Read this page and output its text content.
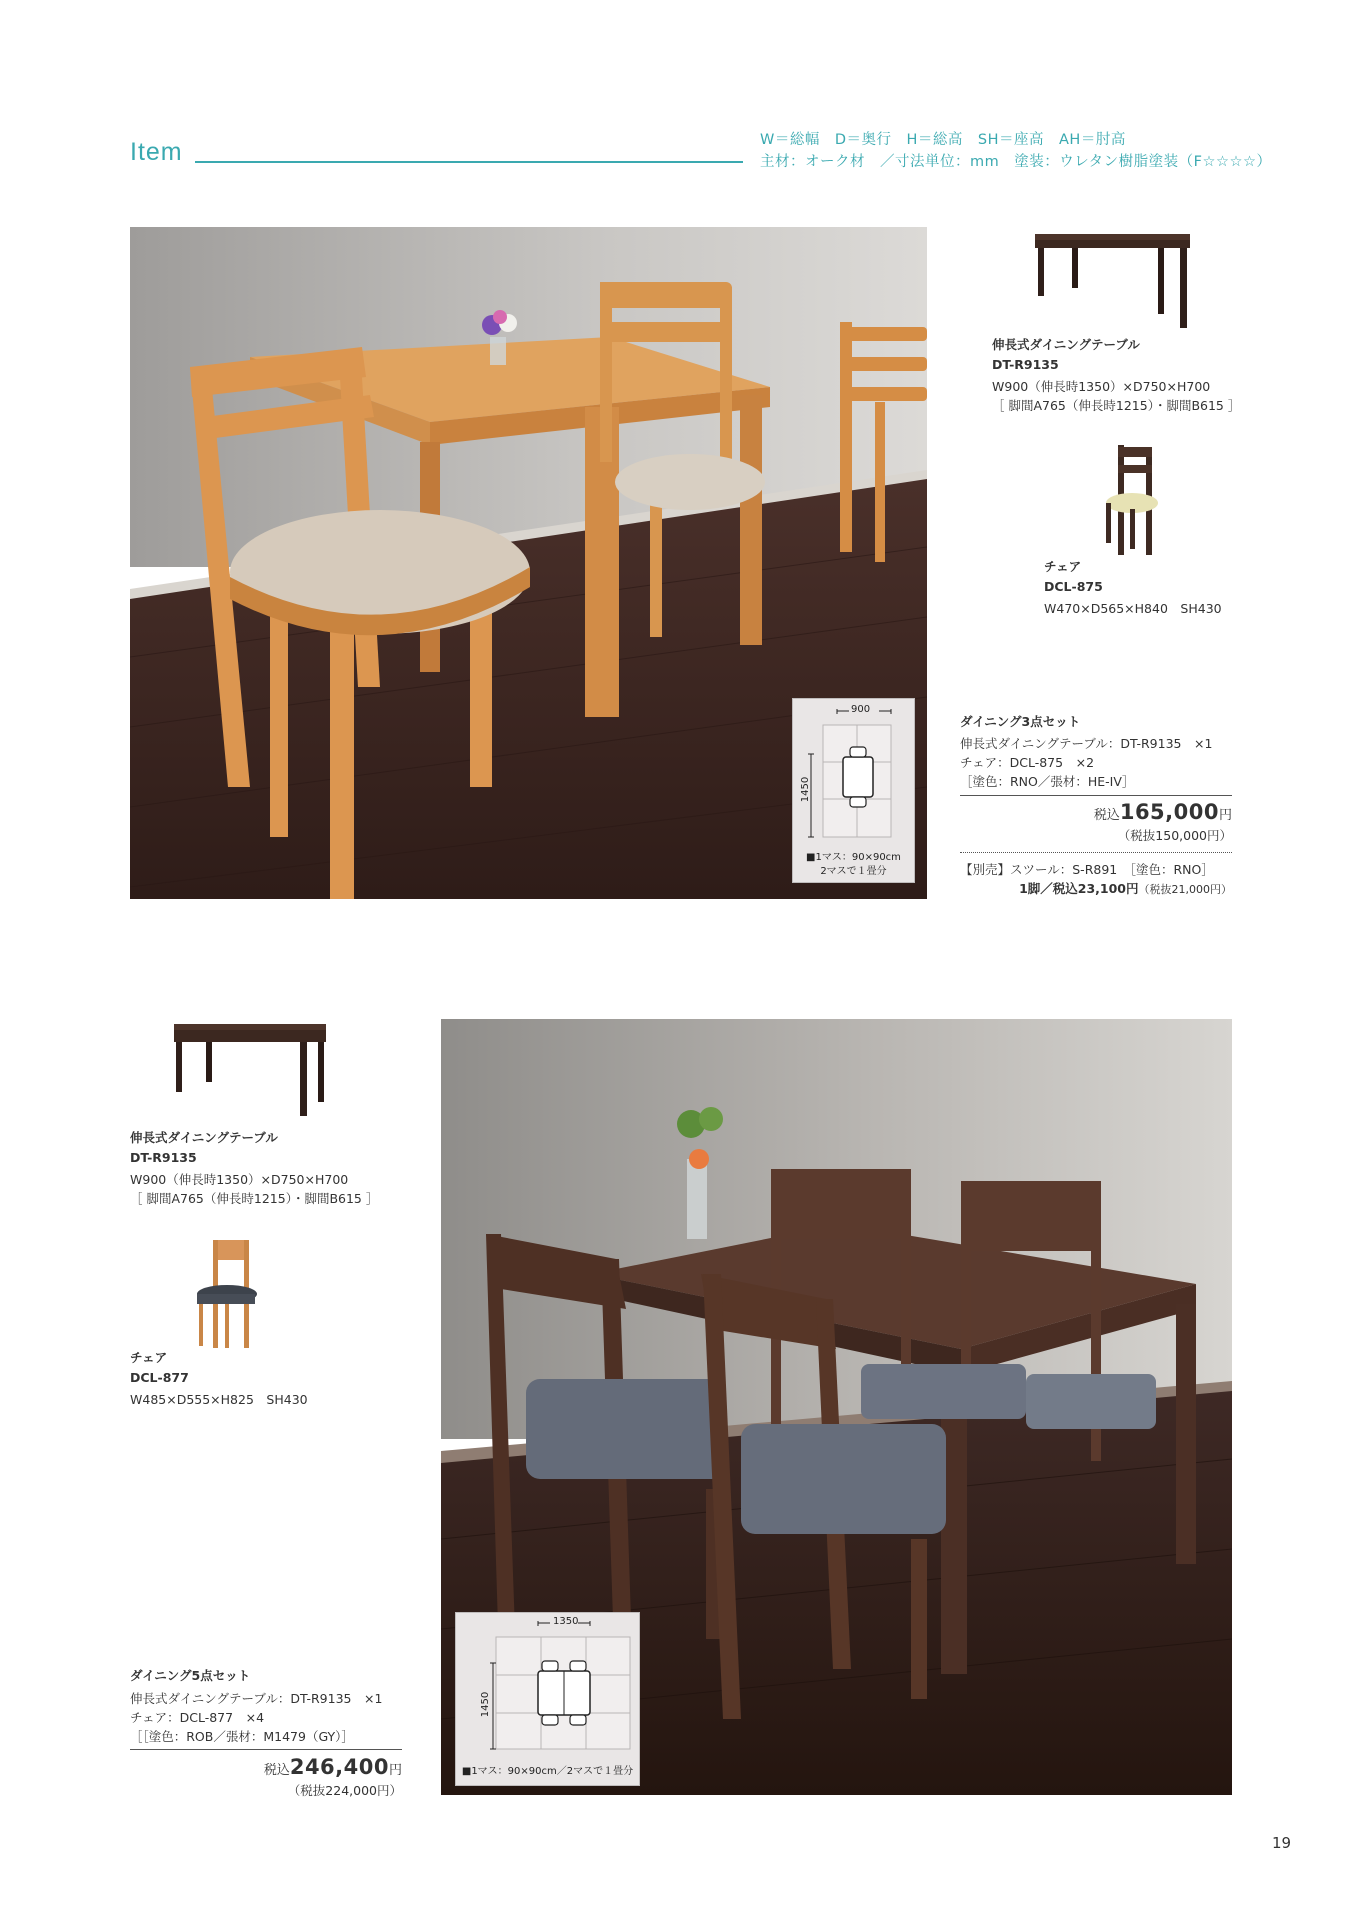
Item	W＝総幅　D＝奥行　H＝総高　SH＝座高　AH＝肘高
主材：オーク材　／寸法単位：mm　塗装：ウレタン樹脂塗装（F☆☆☆☆）
900
1450
■1マス：90×90cm
2マスで１畳分
伸長式ダイニングテーブル
DT-R9135
W900（伸長時1350）×D750×H700
［ 脚間A765（伸長時1215）・脚間B615 ］
チェア
DCL-875
W470×D565×H840　SH430
ダイニング3点セット
伸長式ダイニングテーブル：DT-R9135　×1
チェア：DCL-875　×2
［塗色：RNO／張材：HE-IV］
税込165,000円
（税抜150,000円）
【別売】スツール：S-R891　［塗色：RNO］
1脚／税込23,100円（税抜21,000円）
伸長式ダイニングテーブル
DT-R9135
W900（伸長時1350）×D750×H700
［ 脚間A765（伸長時1215）・脚間B615 ］
チェア
DCL-877
W485×D555×H825　SH430
ダイニング5点セット
伸長式ダイニングテーブル：DT-R9135　×1
チェア：DCL-877　×4
［［塗色：ROB／張材：M1479（GY）］
税込246,400円
（税抜224,000円）
1350
1450
■1マス：90×90cm／2マスで１畳分
19
